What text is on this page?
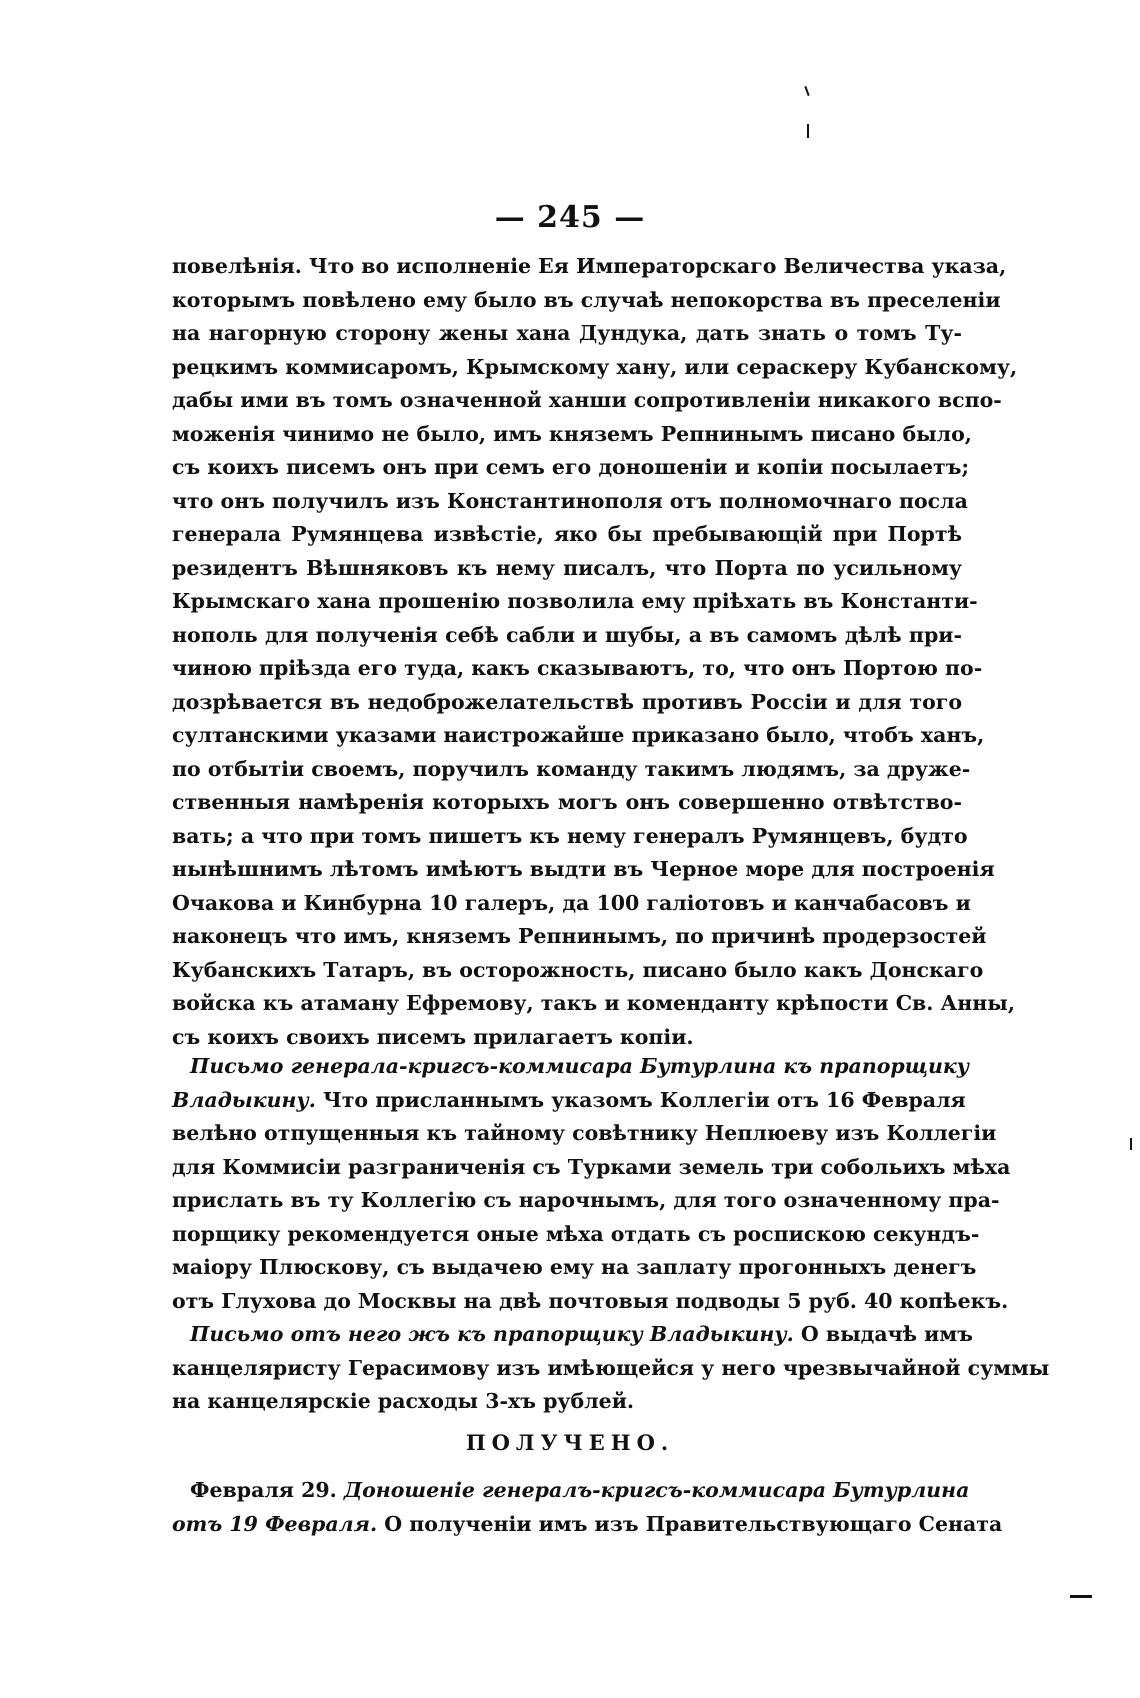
— 245 —
повелѣнія. Что во исполненіе Ея Императорскаго Величества указа,
которымъ повѣлено ему было въ случаѣ непокорства въ преселеніи
на нагорную сторону жены хана Дундука, дать знать о томъ Ту-
рецкимъ коммисаромъ, Крымскому хану, или сераскеру Кубанскому,
дабы ими въ томъ означенной ханши сопротивленіи никакого вспо-
моженія чинимо не было, имъ княземъ Репнинымъ писано было,
съ коихъ писемъ онъ при семъ его доношеніи и копіи посылаетъ;
что онъ получилъ изъ Константинополя отъ полномочнаго посла
генерала Румянцева извѣстіе, яко бы пребывающій при Портѣ
резидентъ Вѣшняковъ къ нему писалъ, что Порта по усильному
Крымскаго хана прошенію позволила ему пріѣхать въ Константи-
нополь для полученія себѣ сабли и шубы, а въ самомъ дѣлѣ при-
чиною пріѣзда его туда, какъ сказываютъ, то, что онъ Портою по-
дозрѣвается въ недоброжелательствѣ противъ Россіи и для того
султанскими указами наистрожайше приказано было, чтобъ ханъ,
по отбытіи своемъ, поручилъ команду такимъ людямъ, за друже-
ственныя намѣренія которыхъ могъ онъ совершенно отвѣтство-
вать; а что при томъ пишетъ къ нему генералъ Румянцевъ, будто
нынѣшнимъ лѣтомъ имѣютъ выдти въ Черное море для построенія
Очакова и Кинбурна 10 галеръ, да 100 галіотовъ и канчабасовъ и
наконецъ что имъ, княземъ Репнинымъ, по причинѣ продерзостей
Кубанскихъ Татаръ, въ осторожность, писано было какъ Донскаго
войска къ атаману Ефремову, такъ и коменданту крѣпости Св. Анны,
съ коихъ своихъ писемъ прилагаетъ копіи.
Письмо генерала-кригсъ-коммисара Бутурлина къ прапорщику
Владыкину. Что присланнымъ указомъ Коллегіи отъ 16 Февраля
велѣно отпущенныя къ тайному совѣтнику Неплюеву изъ Коллегіи
для Коммисіи разграниченія съ Турками земель три собольихъ мѣха
прислать въ ту Коллегію съ нарочнымъ, для того означенному пра-
порщику рекомендуется оные мѣха отдать съ роспискою секундъ-
маіору Плюскову, съ выдачею ему на заплату прогонныхъ денегъ
отъ Глухова до Москвы на двѣ почтовыя подводы 5 руб. 40 копѣекъ.
Письмо отъ него жъ къ прапорщику Владыкину. О выдачѣ имъ
канцеляристу Герасимову изъ имѣющейся у него чрезвычайной суммы
на канцелярскіе расходы 3-хъ рублей.
ПОЛУЧЕНО.
Февраля 29. Доношеніе генералъ-кригсъ-коммисара Бутурлина
отъ 19 Февраля. О полученіи имъ изъ Правительствующаго Сената
